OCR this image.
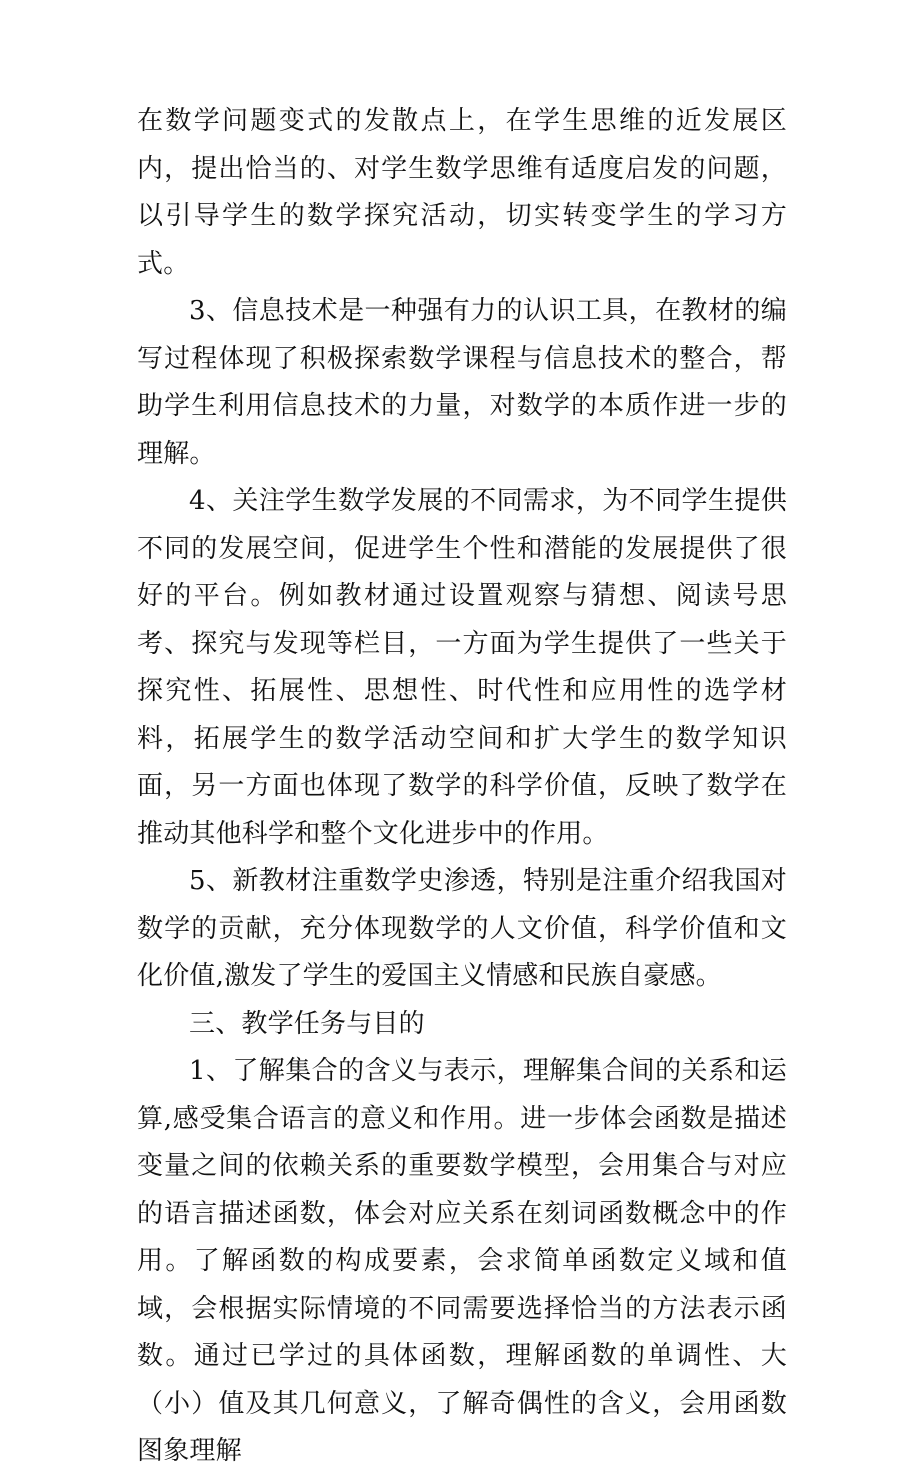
在数学问题变式的发散点上，在学生思维的近发展区内，提出恰当的、对学生数学思维有适度启发的问题，以引导学生的数学探究活动，切实转变学生的学习方式。

3、信息技术是一种强有力的认识工具，在教材的编写过程体现了积极探索数学课程与信息技术的整合，帮助学生利用信息技术的力量，对数学的本质作进一步的理解。

4、关注学生数学发展的不同需求，为不同学生提供不同的发展空间，促进学生个性和潜能的发展提供了很好的平台。例如教材通过设置观察与猜想、阅读号思考、探究与发现等栏目，一方面为学生提供了一些关于探究性、拓展性、思想性、时代性和应用性的选学材料，拓展学生的数学活动空间和扩大学生的数学知识面，另一方面也体现了数学的科学价值，反映了数学在推动其他科学和整个文化进步中的作用。

5、新教材注重数学史渗透，特别是注重介绍我国对数学的贡献，充分体现数学的人文价值，科学价值和文化价值,激发了学生的爱国主义情感和民族自豪感。

三、教学任务与目的

1、了解集合的含义与表示，理解集合间的关系和运算,感受集合语言的意义和作用。进一步体会函数是描述变量之间的依赖关系的重要数学模型，会用集合与对应的语言描述函数，体会对应关系在刻词函数概念中的作用。了解函数的构成要素，会求简单函数定义域和值域，会根据实际情境的不同需要选择恰当的方法表示函数。通过已学过的具体函数，理解函数的单调性、大（小）值及其几何意义，了解奇偶性的含义，会用函数图象理解
